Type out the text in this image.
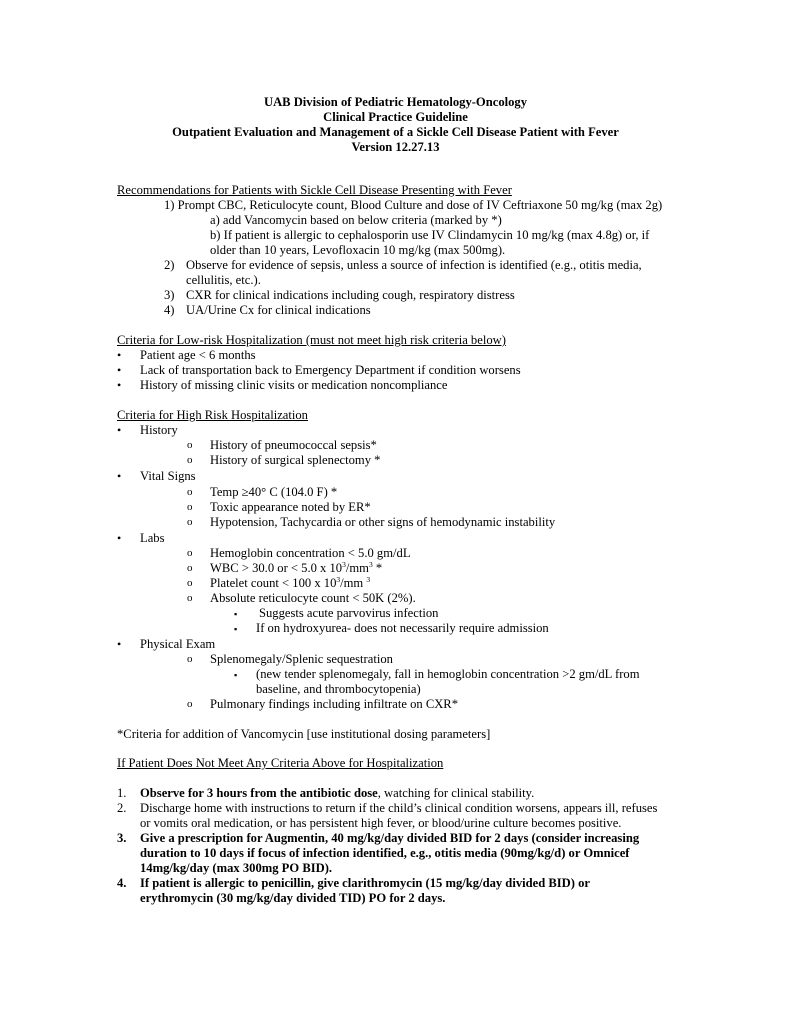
UAB Division of Pediatric Hematology-Oncology
Clinical Practice Guideline
Outpatient Evaluation and Management of a Sickle Cell Disease Patient with Fever
Version 12.27.13
Recommendations for Patients with Sickle Cell Disease Presenting with Fever
1) Prompt CBC, Reticulocyte count, Blood Culture and dose of IV Ceftriaxone 50 mg/kg (max 2g)
a) add Vancomycin based on below criteria (marked by *)
b) If patient is allergic to cephalosporin use IV Clindamycin 10 mg/kg (max 4.8g) or, if
older than 10 years, Levofloxacin 10 mg/kg (max 500mg).
2) Observe for evidence of sepsis, unless a source of infection is identified (e.g., otitis media,
cellulitis, etc.).
3) CXR for clinical indications including cough, respiratory distress
4) UA/Urine Cx for clinical indications
Criteria for Low-risk Hospitalization (must not meet high risk criteria below)
• Patient age < 6 months
• Lack of transportation back to Emergency Department if condition worsens
• History of missing clinic visits or medication noncompliance
Criteria for High Risk Hospitalization
• History
o History of pneumococcal sepsis*
o History of surgical splenectomy *
• Vital Signs
o Temp ≥40° C (104.0 F) *
o Toxic appearance noted by ER*
o Hypotension, Tachycardia or other signs of hemodynamic instability
• Labs
o Hemoglobin concentration < 5.0 gm/dL
o WBC > 30.0 or < 5.0 x $10^3/mm^3$ *
o Platelet count < 100 x $10^3/mm$ $^3$
o Absolute reticulocyte count < 50K (2%).
▪ Suggests acute parvovirus infection
▪ If on hydroxyurea- does not necessarily require admission
• Physical Exam
o Splenomegaly/Splenic sequestration
▪ (new tender splenomegaly, fall in hemoglobin concentration >2 gm/dL from
baseline, and thrombocytopenia)
o Pulmonary findings including infiltrate on CXR*
*Criteria for addition of Vancomycin [use institutional dosing parameters]
If Patient Does Not Meet Any Criteria Above for Hospitalization
1. Observe for 3 hours from the antibiotic dose, watching for clinical stability.
2. Discharge home with instructions to return if the child’s clinical condition worsens, appears ill, refuses
or vomits oral medication, or has persistent high fever, or blood/urine culture becomes positive.
3. Give a prescription for Augmentin, 40 mg/kg/day divided BID for 2 days (consider increasing
duration to 10 days if focus of infection identified, e.g., otitis media (90mg/kg/d) or Omnicef
14mg/kg/day (max 300mg PO BID).
4. If patient is allergic to penicillin, give clarithromycin (15 mg/kg/day divided BID) or
erythromycin (30 mg/kg/day divided TID) PO for 2 days.
